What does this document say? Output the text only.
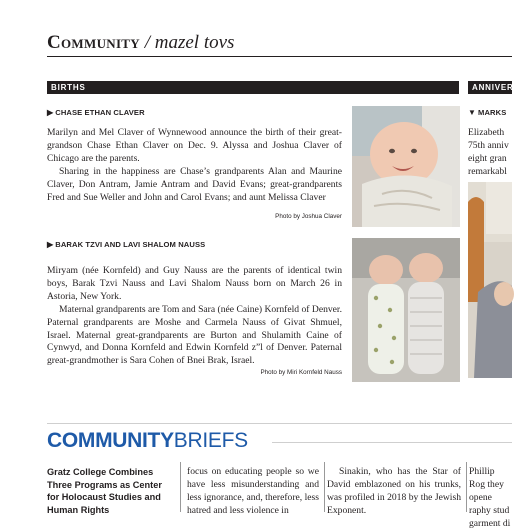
Community / mazel tovs
BIRTHS	ANNIVERSA
▶ CHASE ETHAN CLAVER

Marilyn and Mel Claver of Wynnewood announce the birth of their great-grandson Chase Ethan Claver on Dec. 9. Alyssa and Joshua Claver of Chicago are the parents.

Sharing in the happiness are Chase’s grandparents Alan and Maurine Claver, Don Antram, Jamie Antram and David Evans; great-grandparents Fred and Sue Weller and John and Carol Evans; and aunt Melissa Claver

Photo by Joshua Claver
▶ BARAK TZVI AND LAVI SHALOM NAUSS

Miryam (née Kornfeld) and Guy Nauss are the parents of identical twin boys, Barak Tzvi Nauss and Lavi Shalom Nauss born on March 26 in Astoria, New York.

Maternal grandparents are Tom and Sara (née Caine) Kornfeld of Denver. Paternal grandparents are Moshe and Carmela Nauss of Givat Shmuel, Israel. Maternal great-grandparents are Burton and Shulamith Caine of Cynwyd, and Donna Kornfeld and Edwin Kornfeld z”l of Denver. Paternal great-grandmother is Sara Cohen of Bnei Brak, Israel.

Photo by Miri Kornfeld Nauss
▼ MARKS
Elizabeth
75th anniv
eight gran
remarkabl
COMMUNITYBRIEFS
Gratz College Combines Three Programs as Center for Holocaust Studies and Human Rights
focus on educating people so we have less misunderstanding and less ignorance, and, therefore, less hatred and less violence in
Sinakin, who has the Star of David emblazoned on his trunks, was profiled in 2018 by the Jewish Exponent.
Phillip Rog they opene raphy stud garment di
